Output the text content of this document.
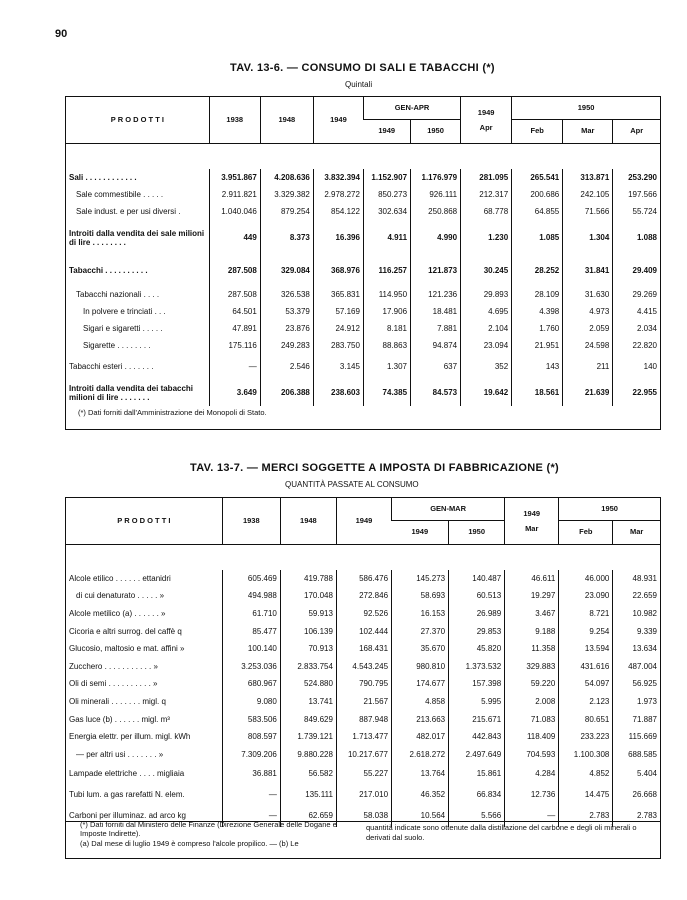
90
TAV. 13-6. — CONSUMO DI SALI E TABACCHI (*)
Quintali
P R O D O T T I	1938	1948	1949	GEN-APR		1949

Apr	1950		
				1949	1950		Feb	Mar	Apr

Sali . . . . . . . . . . . .	3.951.867	4.208.636	3.832.394	1.152.907	1.176.979	281.095	265.541	313.871	253.290
Sale commestibile . . . . .	2.911.821	3.329.382	2.978.272	850.273	926.111	212.317	200.686	242.105	197.566
Sale indust. e per usi diversi .	1.040.046	879.254	854.122	302.634	250.868	68.778	64.855	71.566	55.724
Introiti dalla vendita dei sale milioni di lire . . . . . . . .	449	8.373	16.396	4.911	4.990	1.230	1.085	1.304	1.088
Tabacchi . . . . . . . . . .	287.508	329.084	368.976	116.257	121.873	30.245	28.252	31.841	29.409
Tabacchi nazionali . . . .	287.508	326.538	365.831	114.950	121.236	29.893	28.109	31.630	29.269
In polvere e trinciati . . .	64.501	53.379	57.169	17.906	18.481	4.695	4.398	4.973	4.415
Sigari e sigaretti . . . . .	47.891	23.876	24.912	8.181	7.881	2.104	1.760	2.059	2.034
Sigarette . . . . . . . .	175.116	249.283	283.750	88.863	94.874	23.094	21.951	24.598	22.820
Tabacchi esteri . . . . . . .	—	2.546	3.145	1.307	637	352	143	211	140
Introiti dalla vendita dei tabacchi milioni di lire . . . . . . .	3.649	206.388	238.603	74.385	84.573	19.642	18.561	21.639	22.955
(*) Dati forniti dall'Amministrazione dei Monopoli di Stato.
TAV. 13-7. — MERCI SOGGETTE A IMPOSTA DI FABBRICAZIONE (*)
QUANTITÀ PASSATE AL CONSUMO
P R O D O T T I	1938	1948	1949	GEN-MAR		1949

Mar	1950	
				1949	1950		Feb	Mar

Alcole etilico . . . . . . ettanidri	605.469	419.788	586.476	145.273	140.487	46.611	46.000	48.931
di cui denaturato . . . . . »	494.988	170.048	272.846	58.693	60.513	19.297	23.090	22.659
Alcole metilico (a) . . . . . . »	61.710	59.913	92.526	16.153	26.989	3.467	8.721	10.982
Cicoria e altri surrog. del caffè q	85.477	106.139	102.444	27.370	29.853	9.188	9.254	9.339
Glucosio, maltosio e mat. affini »	100.140	70.913	168.431	35.670	45.820	11.358	13.594	13.634
Zucchero . . . . . . . . . . . »	3.253.036	2.833.754	4.543.245	980.810	1.373.532	329.883	431.616	487.004
Oli di semi . . . . . . . . . . »	680.967	524.880	790.795	174.677	157.398	59.220	54.097	56.925
Oli minerali . . . . . . . migl. q	9.080	13.741	21.567	4.858	5.995	2.008	2.123	1.973
Gas luce (b) . . . . . . migl. m³	583.506	849.629	887.948	213.663	215.671	71.083	80.651	71.887
Energia elettr. per illum. migl. kWh	808.597	1.739.121	1.713.477	482.017	442.843	118.409	233.223	115.669
— per altri usi . . . . . . . »	7.309.206	9.880.228	10.217.677	2.618.272	2.497.649	704.593	1.100.308	688.585
Lampade elettriche . . . . migliaia	36.881	56.582	55.227	13.764	15.861	4.284	4.852	5.404
Tubi lum. a gas rarefatti N. elem.	—	135.111	217.010	46.352	66.834	12.736	14.475	26.668
Carboni per illuminaz. ad arco kg	—	62.659	58.038	10.564	5.566	—	2.783	2.783
(*) Dati forniti dal Ministero delle Finanze (Direzione Generale delle Dogane e Imposte Indirette).
(a) Dal mese di luglio 1949 è compreso l'alcole propilico. — (b) Le
quantità indicate sono ottenute dalla distillazione del carbone e degli oli minerali o derivati dal suolo.
